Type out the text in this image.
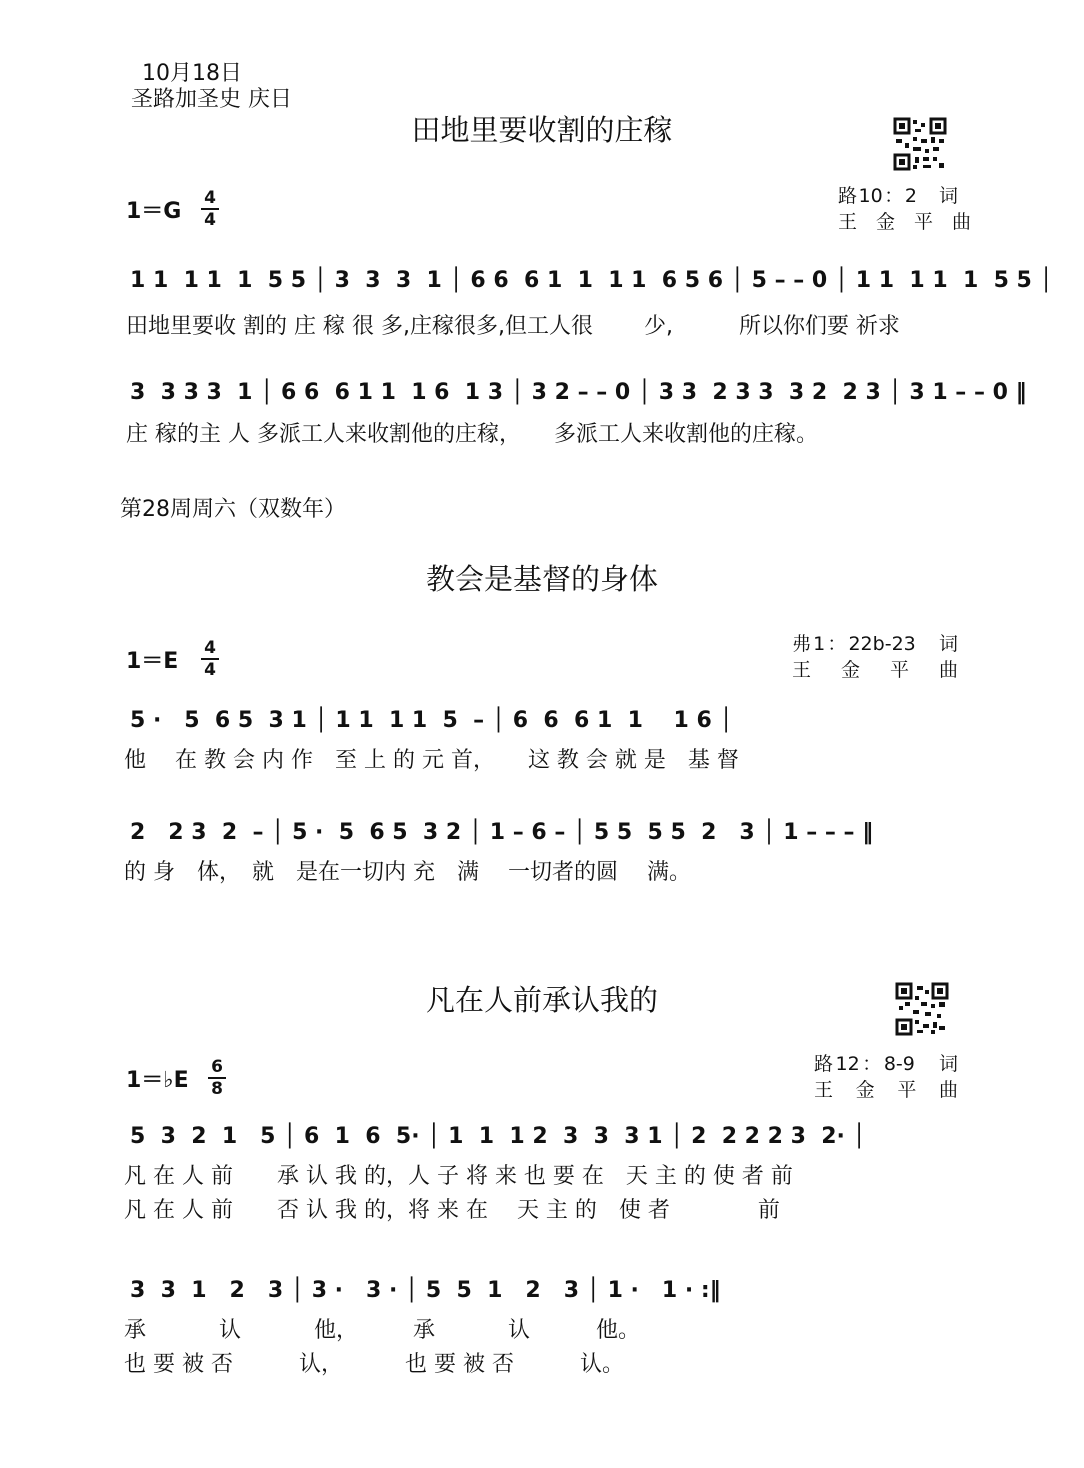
10月18日
圣路加圣史 庆日
田地里要收割的庄稼
1＝G
4
4
路10：2　词
王　金　平　曲
1 1  1 1  1  5 5 │ 3  3  3  1 │ 6 6  6 1  1  1 1  6 5 6 │ 5 – – 0 │ 1 1  1 1  1  5 5 │
田地里要收 割的 庄 稼 很 多,庄稼很多,但工人很　　 少,　　　所以你们要 祈求
3  3 3 3  1 │ 6 6  6 1 1  1 6  1 3 │ 3 2 – – 0 │ 3 3  2 3 3  3 2  2 3 │ 3 1 – – 0 ‖
庄 稼的主 人 多派工人来收割他的庄稼，　　多派工人来收割他的庄稼。
第28周周六（双数年）
教会是基督的身体
1＝E
4
4
弗1：22b-23　词
王　金　平　曲
5 ·   5  6 5  3 1 │ 1 1  1 1  5  – │ 6  6  6 1  1    1 6 │
他　 在 教 会 内 作　至 上 的 元 首，　　这 教 会 就 是　基 督
2   2 3  2  – │ 5 ·  5  6 5  3 2 │ 1 – 6 – │ 5 5  5 5  2   3 │ 1 – – – ‖
的 身　体，　就　是在一切内 充　满　 一切者的圆　 满。
凡在人前承认我的
1＝♭E
6
8
路12：8-9　词
王　金　平　曲
5  3  2  1   5 │ 6  1  6  5· │ 1  1  1 2  3  3  3 1 │ 2  2 2 2 3  2· │
凡 在 人 前　　承 认 我 的，人 子 将 来 也 要 在　天 主 的 使 者 前
凡 在 人 前　　否 认 我 的，将 来 在　 天 主 的　使 者　　　　前
3  3  1   2   3 │ 3 ·   3 · │ 5  5  1   2   3 │ 1 ·   1 · :‖
承　　　 认　　　 他，　　　承　　　 认　　　他。
也 要 被 否　　　认，　　　 也 要 被 否　　　认。
